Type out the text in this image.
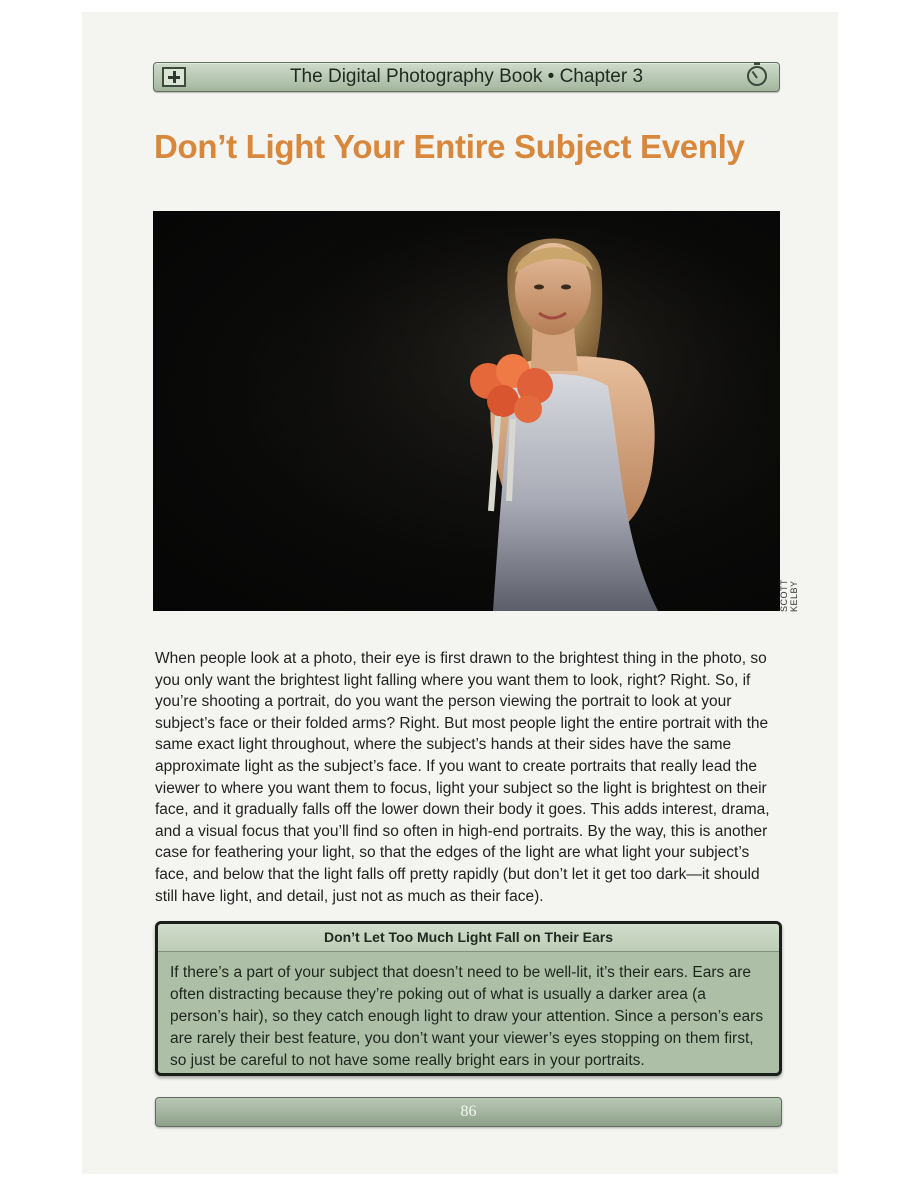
The Digital Photography Book • Chapter 3
Don’t Light Your Entire Subject Evenly
SCOTT KELBY

When people look at a photo, their eye is first drawn to the brightest thing in the photo, so you only want the brightest light falling where you want them to look, right? Right. So, if you’re shooting a portrait, do you want the person viewing the portrait to look at your subject’s face or their folded arms? Right. But most people light the entire portrait with the same exact light throughout, where the subject’s hands at their sides have the same approximate light as the subject’s face. If you want to create portraits that really lead the viewer to where you want them to focus, light your subject so the light is brightest on their face, and it gradually falls off the lower down their body it goes. This adds interest, drama, and a visual focus that you’ll find so often in high-end portraits. By the way, this is another case for feathering your light, so that the edges of the light are what light your subject’s face, and below that the light falls off pretty rapidly (but don’t let it get too dark—it should still have light, and detail, just not as much as their face).

Don’t Let Too Much Light Fall on Their Ears

If there’s a part of your subject that doesn’t need to be well-lit, it’s their ears. Ears are often distracting because they’re poking out of what is usually a darker area (a person’s hair), so they catch enough light to draw your attention. Since a person’s ears are rarely their best feature, you don’t want your viewer’s eyes stopping on them first, so just be careful to not have some really bright ears in your portraits.

86
